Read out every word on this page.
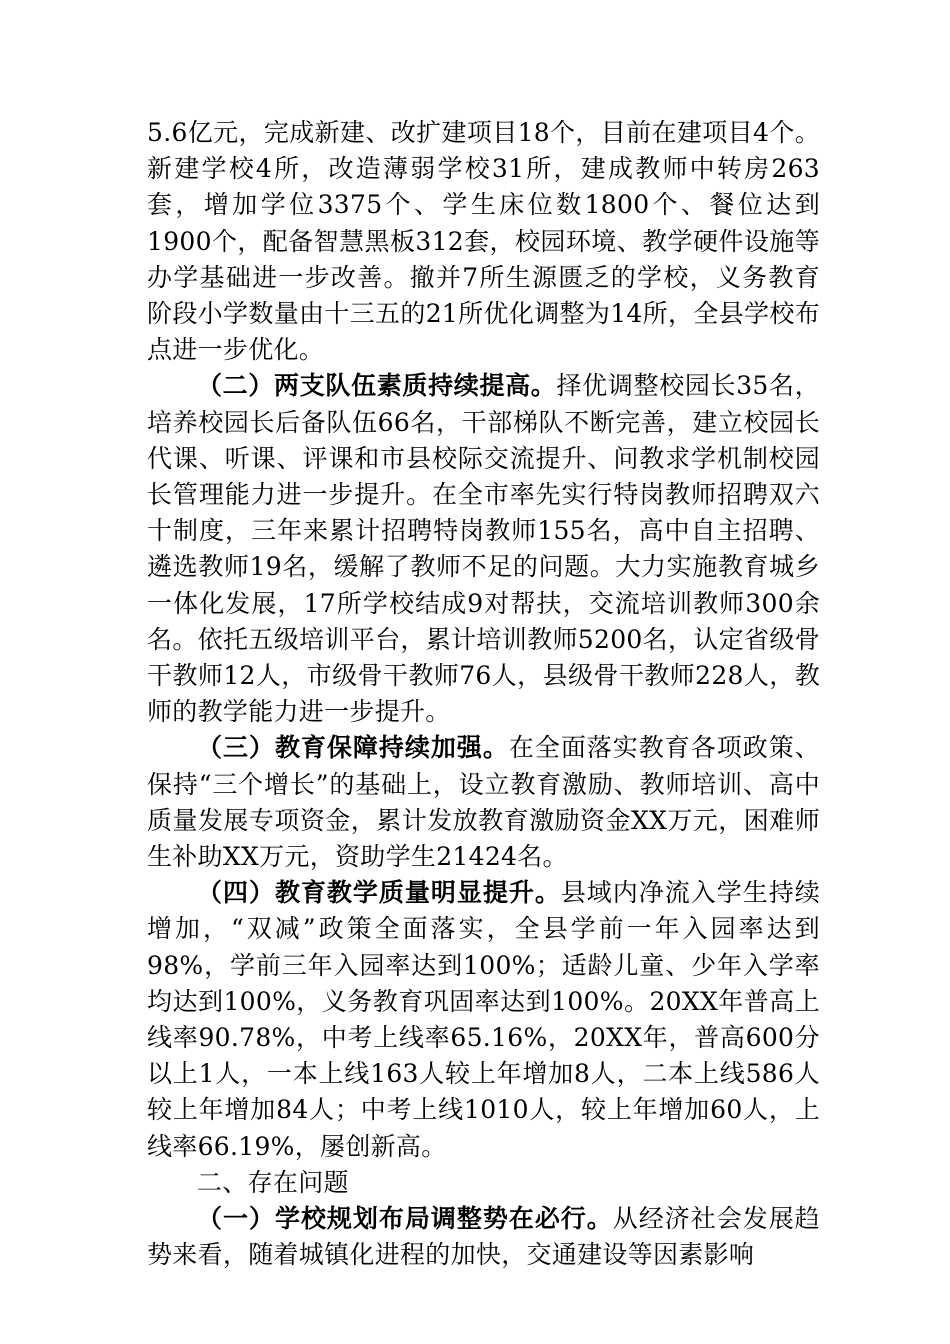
5.6亿元，完成新建、改扩建项目18个，目前在建项目4个。新建学校4所，改造薄弱学校31所，建成教师中转房263套，增加学位3375个、学生床位数1800个、餐位达到1900个，配备智慧黑板312套，校园环境、教学硬件设施等办学基础进一步改善。撤并7所生源匮乏的学校，义务教育阶段小学数量由十三五的21所优化调整为14所，全县学校布点进一步优化。

（二）两支队伍素质持续提高。择优调整校园长35名，培养校园长后备队伍66名，干部梯队不断完善，建立校园长代课、听课、评课和市县校际交流提升、问教求学机制校园长管理能力进一步提升。在全市率先实行特岗教师招聘双六十制度，三年来累计招聘特岗教师155名，高中自主招聘、遴选教师19名，缓解了教师不足的问题。大力实施教育城乡一体化发展，17所学校结成9对帮扶，交流培训教师300余名。依托五级培训平台，累计培训教师5200名，认定省级骨干教师12人，市级骨干教师76人，县级骨干教师228人，教师的教学能力进一步提升。

（三）教育保障持续加强。在全面落实教育各项政策、保持“三个增长”的基础上，设立教育激励、教师培训、高中质量发展专项资金，累计发放教育激励资金XX万元，困难师生补助XX万元，资助学生21424名。

（四）教育教学质量明显提升。县域内净流入学生持续增加，“双减”政策全面落实，全县学前一年入园率达到98%，学前三年入园率达到100%；适龄儿童、少年入学率均达到100%，义务教育巩固率达到100%。20XX年普高上线率90.78%，中考上线率65.16%，20XX年，普高600分以上1人，一本上线163人较上年增加8人，二本上线586人较上年增加84人；中考上线1010人，较上年增加60人，上线率66.19%，屡创新高。

二、存在问题

（一）学校规划布局调整势在必行。从经济社会发展趋势来看，随着城镇化进程的加快，交通建设等因素影响
